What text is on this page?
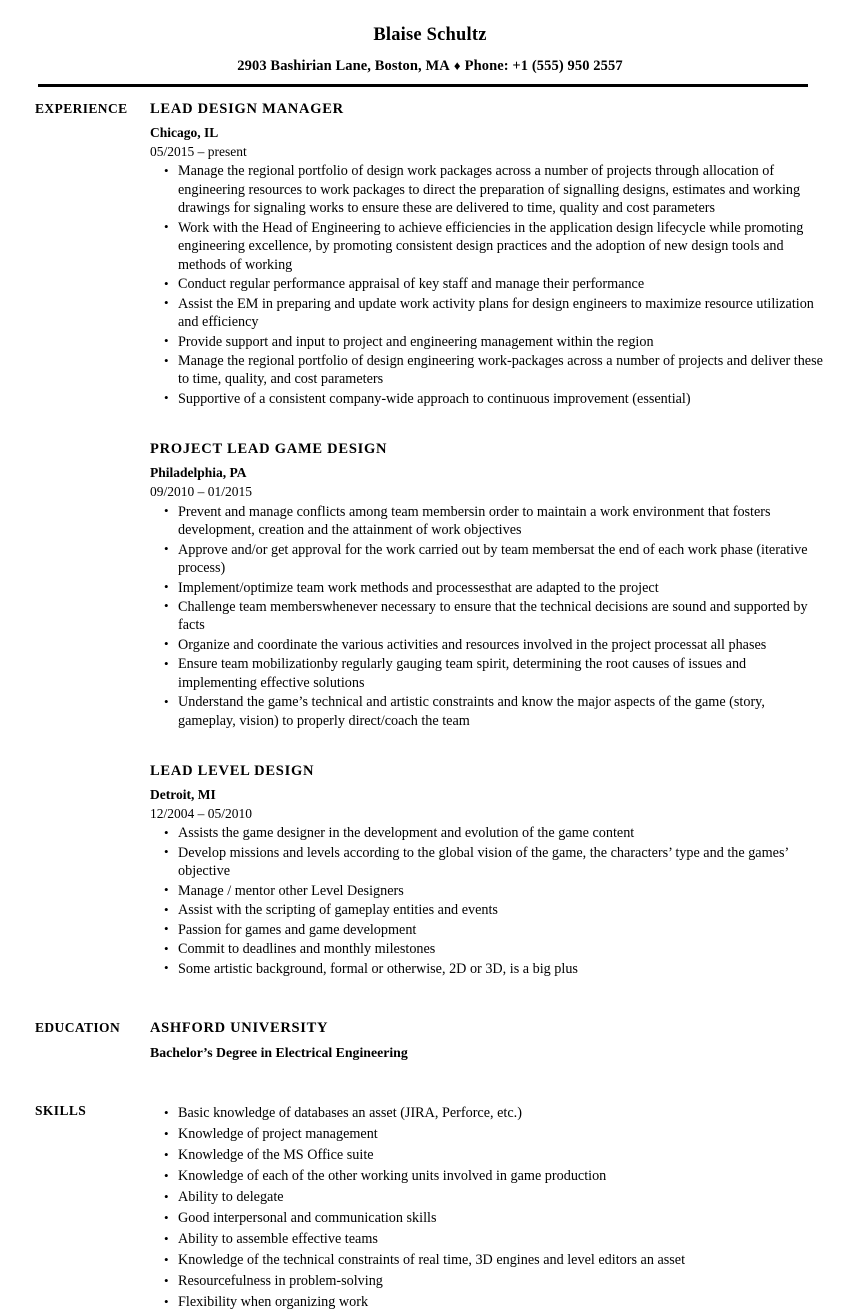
Blaise Schultz
2903 Bashirian Lane, Boston, MA ♦ Phone: +1 (555) 950 2557
EXPERIENCE	LEAD DESIGN MANAGER
Chicago, IL
05/2015 – present
• Manage the regional portfolio of design work packages across a number of projects through allocation of engineering resources to work packages to direct the preparation of signalling designs, estimates and working drawings for signaling works to ensure these are delivered to time, quality and cost parameters
• Work with the Head of Engineering to achieve efficiencies in the application design lifecycle while promoting engineering excellence, by promoting consistent design practices and the adoption of new design tools and methods of working
• Conduct regular performance appraisal of key staff and manage their performance
• Assist the EM in preparing and update work activity plans for design engineers to maximize resource utilization and efficiency
• Provide support and input to project and engineering management within the region
• Manage the regional portfolio of design engineering work-packages across a number of projects and deliver these to time, quality, and cost parameters
• Supportive of a consistent company-wide approach to continuous improvement (essential)
PROJECT LEAD GAME DESIGN
Philadelphia, PA
09/2010 – 01/2015
• Prevent and manage conflicts among team membersin order to maintain a work environment that fosters development, creation and the attainment of work objectives
• Approve and/or get approval for the work carried out by team membersat the end of each work phase (iterative process)
• Implement/optimize team work methods and processesthat are adapted to the project
• Challenge team memberswhenever necessary to ensure that the technical decisions are sound and supported by facts
• Organize and coordinate the various activities and resources involved in the project processat all phases
• Ensure team mobilizationby regularly gauging team spirit, determining the root causes of issues and implementing effective solutions
• Understand the game’s technical and artistic constraints and know the major aspects of the game (story, gameplay, vision) to properly direct/coach the team
LEAD LEVEL DESIGN
Detroit, MI
12/2004 – 05/2010
• Assists the game designer in the development and evolution of the game content
• Develop missions and levels according to the global vision of the game, the characters’ type and the games’ objective
• Manage / mentor other Level Designers
• Assist with the scripting of gameplay entities and events
• Passion for games and game development
• Commit to deadlines and monthly milestones
• Some artistic background, formal or otherwise, 2D or 3D, is a big plus
EDUCATION	ASHFORD UNIVERSITY
Bachelor’s Degree in Electrical Engineering
SKILLS	• Basic knowledge of databases an asset (JIRA, Perforce, etc.)
• Knowledge of project management
• Knowledge of the MS Office suite
• Knowledge of each of the other working units involved in game production
• Ability to delegate
• Good interpersonal and communication skills
• Ability to assemble effective teams
• Knowledge of the technical constraints of real time, 3D engines and level editors an asset
• Resourcefulness in problem-solving
• Flexibility when organizing work
